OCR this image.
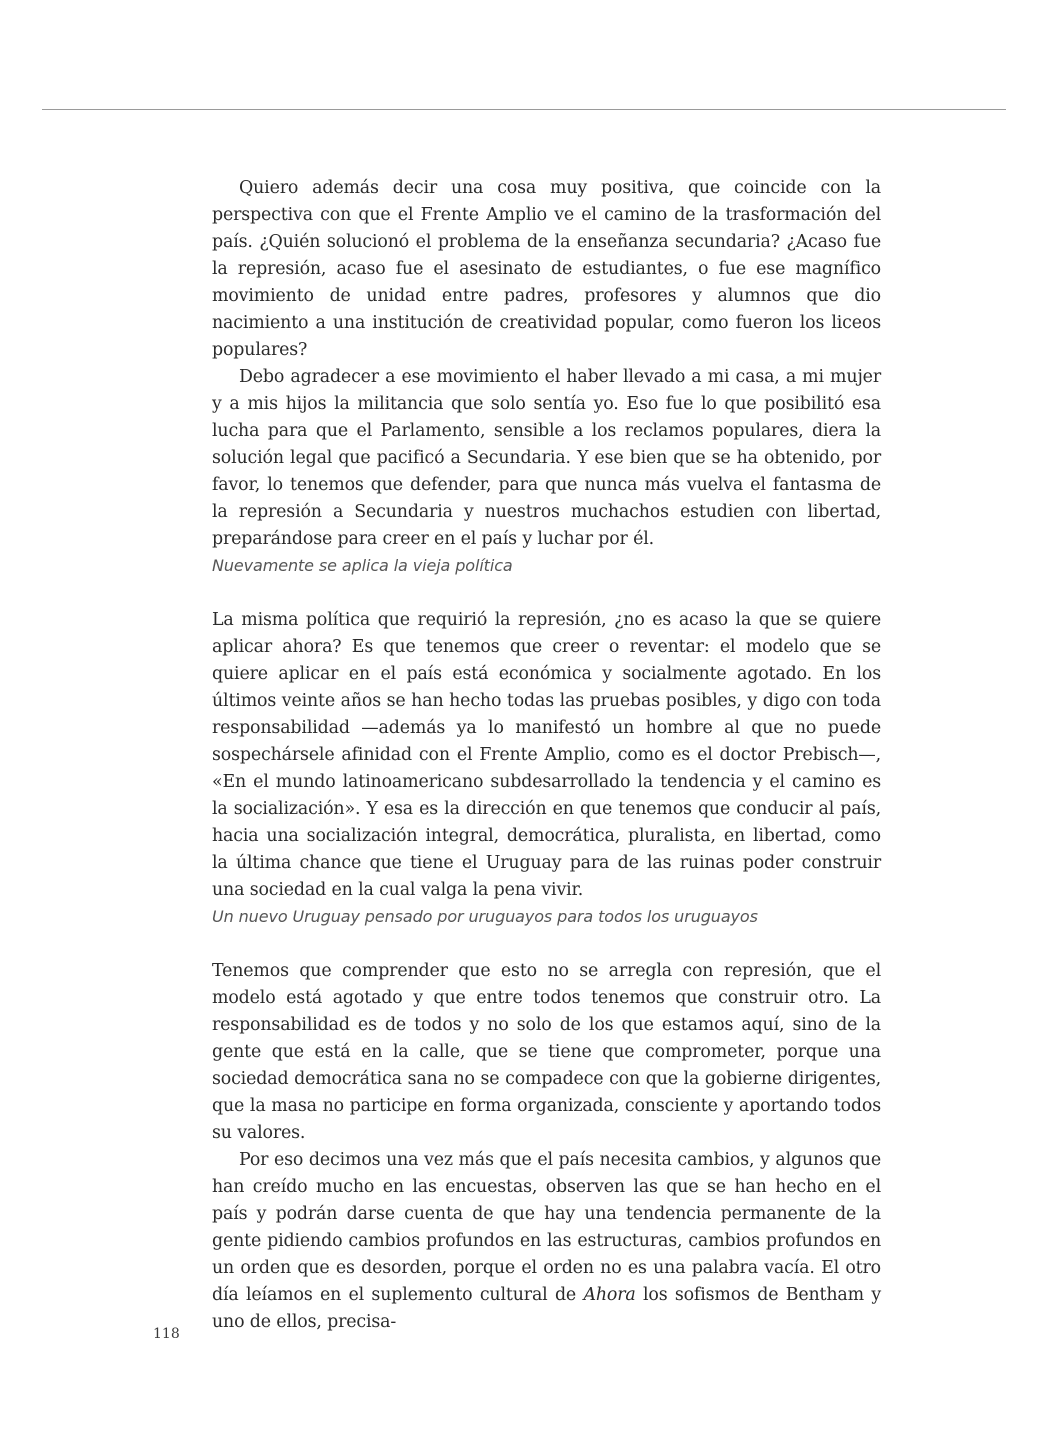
Quiero además decir una cosa muy positiva, que coincide con la perspectiva con que el Frente Amplio ve el camino de la trasformación del país. ¿Quién solucionó el problema de la enseñanza secundaria? ¿Acaso fue la represión, acaso fue el asesinato de estudiantes, o fue ese magnífico movimiento de unidad entre padres, profesores y alumnos que dio nacimiento a una institución de creatividad popular, como fueron los liceos populares?

Debo agradecer a ese movimiento el haber llevado a mi casa, a mi mujer y a mis hijos la militancia que solo sentía yo. Eso fue lo que posibilitó esa lucha para que el Parlamento, sensible a los reclamos populares, diera la solución legal que pacificó a Secundaria. Y ese bien que se ha obtenido, por favor, lo tenemos que defender, para que nunca más vuelva el fantasma de la represión a Secundaria y nuestros muchachos estudien con libertad, preparándose para creer en el país y luchar por él.

Nuevamente se aplica la vieja política

La misma política que requirió la represión, ¿no es acaso la que se quiere aplicar ahora? Es que tenemos que creer o reventar: el modelo que se quiere aplicar en el país está económica y socialmente agotado. En los últimos veinte años se han hecho todas las pruebas posibles, y digo con toda responsabilidad —además ya lo manifestó un hombre al que no puede sospechársele afinidad con el Frente Amplio, como es el doctor Prebisch—, «En el mundo latinoamericano subdesarrollado la tendencia y el camino es la socialización». Y esa es la dirección en que tenemos que conducir al país, hacia una socialización integral, democrática, pluralista, en libertad, como la última chance que tiene el Uruguay para de las ruinas poder construir una sociedad en la cual valga la pena vivir.

Un nuevo Uruguay pensado por uruguayos para todos los uruguayos

Tenemos que comprender que esto no se arregla con represión, que el modelo está agotado y que entre todos tenemos que construir otro. La responsabilidad es de todos y no solo de los que estamos aquí, sino de la gente que está en la calle, que se tiene que comprometer, porque una sociedad democrática sana no se compadece con que la gobierne dirigentes, que la masa no participe en forma organizada, consciente y aportando todos su valores.

Por eso decimos una vez más que el país necesita cambios, y algunos que han creído mucho en las encuestas, observen las que se han hecho en el país y podrán darse cuenta de que hay una tendencia permanente de la gente pidiendo cambios profundos en las estructuras, cambios profundos en un orden que es desorden, porque el orden no es una palabra vacía. El otro día leíamos en el suplemento cultural de Ahora los sofismos de Bentham y uno de ellos, precisa-

118
